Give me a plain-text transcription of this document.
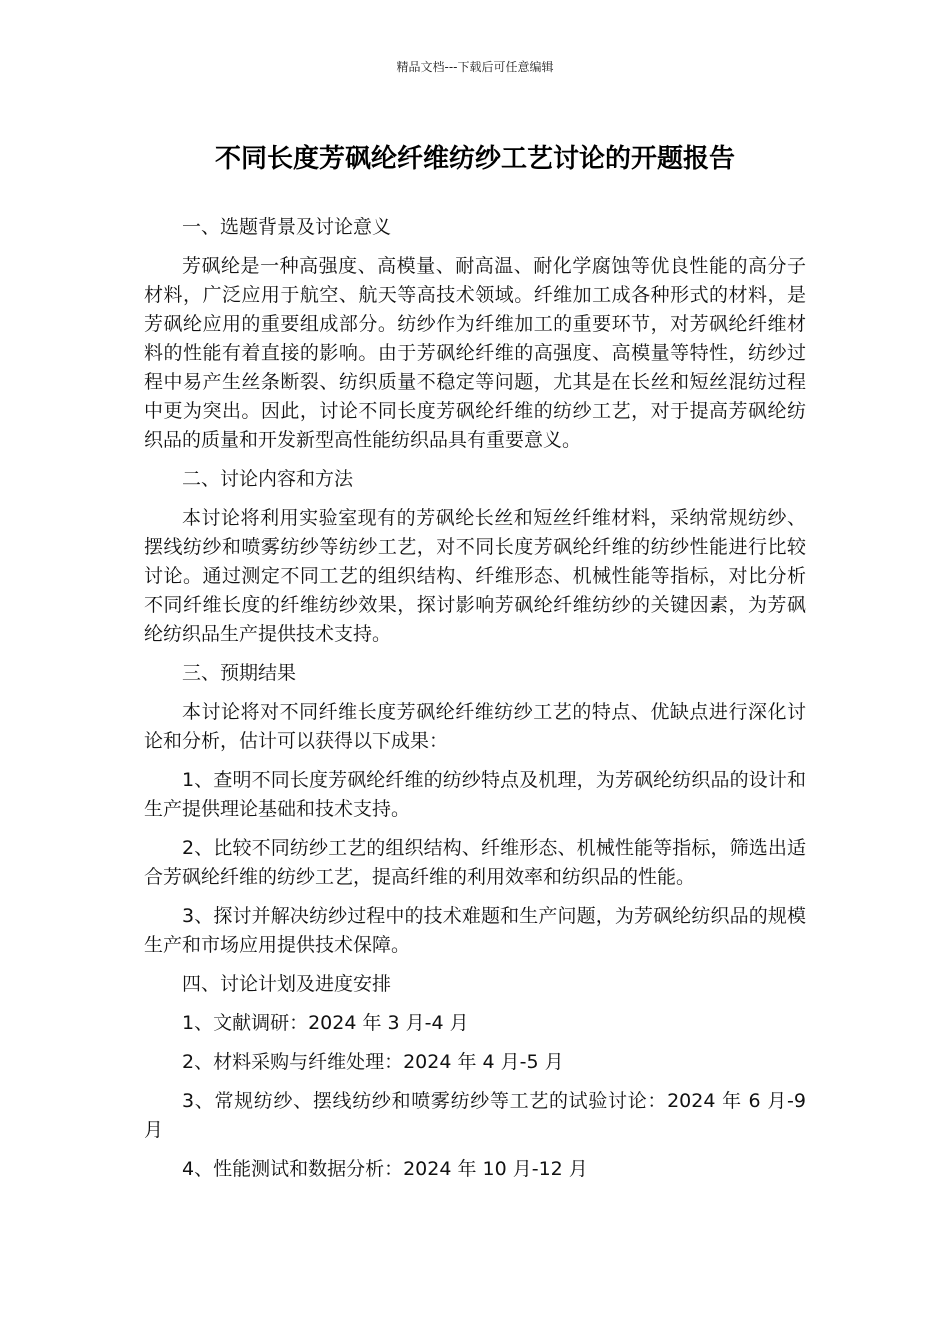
精品文档---下载后可任意编辑
不同长度芳砜纶纤维纺纱工艺讨论的开题报告

一、选题背景及讨论意义

芳砜纶是一种高强度、高模量、耐高温、耐化学腐蚀等优良性能的高分子材料，广泛应用于航空、航天等高技术领域。纤维加工成各种形式的材料，是芳砜纶应用的重要组成部分。纺纱作为纤维加工的重要环节，对芳砜纶纤维材料的性能有着直接的影响。由于芳砜纶纤维的高强度、高模量等特性，纺纱过程中易产生丝条断裂、纺织质量不稳定等问题，尤其是在长丝和短丝混纺过程中更为突出。因此，讨论不同长度芳砜纶纤维的纺纱工艺，对于提高芳砜纶纺织品的质量和开发新型高性能纺织品具有重要意义。

二、讨论内容和方法

本讨论将利用实验室现有的芳砜纶长丝和短丝纤维材料，采纳常规纺纱、摆线纺纱和喷雾纺纱等纺纱工艺，对不同长度芳砜纶纤维的纺纱性能进行比较讨论。通过测定不同工艺的组织结构、纤维形态、机械性能等指标，对比分析不同纤维长度的纤维纺纱效果，探讨影响芳砜纶纤维纺纱的关键因素，为芳砜纶纺织品生产提供技术支持。

三、预期结果

本讨论将对不同纤维长度芳砜纶纤维纺纱工艺的特点、优缺点进行深化讨论和分析，估计可以获得以下成果：

1、查明不同长度芳砜纶纤维的纺纱特点及机理，为芳砜纶纺织品的设计和生产提供理论基础和技术支持。

2、比较不同纺纱工艺的组织结构、纤维形态、机械性能等指标，筛选出适合芳砜纶纤维的纺纱工艺，提高纤维的利用效率和纺织品的性能。

3、探讨并解决纺纱过程中的技术难题和生产问题，为芳砜纶纺织品的规模生产和市场应用提供技术保障。

四、讨论计划及进度安排

1、文献调研：2024 年 3 月-4 月

2、材料采购与纤维处理：2024 年 4 月-5 月

3、常规纺纱、摆线纺纱和喷雾纺纱等工艺的试验讨论：2024 年 6 月-9 月

4、性能测试和数据分析：2024 年 10 月-12 月
